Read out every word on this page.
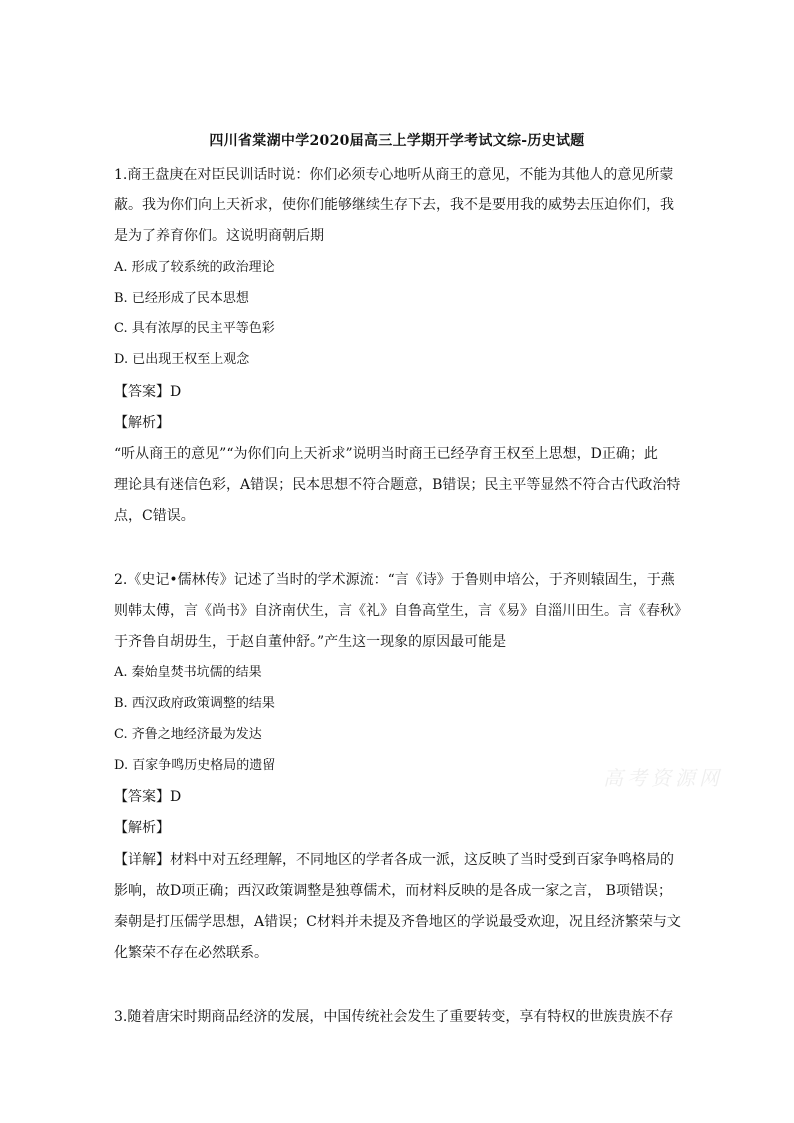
四川省棠湖中学2020届高三上学期开学考试文综-历史试题
1.商王盘庚在对臣民训话时说：你们必须专心地听从商王的意见，不能为其他人的意见所蒙
蔽。我为你们向上天祈求，使你们能够继续生存下去，我不是要用我的威势去压迫你们，我
是为了养育你们。这说明商朝后期
A. 形成了较系统的政治理论
B. 已经形成了民本思想
C. 具有浓厚的民主平等色彩
D. 已出现王权至上观念
【答案】D
【解析】
“听从商王的意见”“为你们向上天祈求”说明当时商王已经孕育王权至上思想，D正确；此
理论具有迷信色彩，A错误；民本思想不符合题意，B错误；民主平等显然不符合古代政治特
点，C错误。
2.《史记•儒林传》记述了当时的学术源流：“言《诗》于鲁则申培公，于齐则辕固生，于燕
则韩太傅，言《尚书》自济南伏生，言《礼》自鲁高堂生，言《易》自淄川田生。言《春秋》
于齐鲁自胡毋生，于赵自董仲舒。”产生这一现象的原因最可能是
A. 秦始皇焚书坑儒的结果
B. 西汉政府政策调整的结果
C. 齐鲁之地经济最为发达
D. 百家争鸣历史格局的遗留
【答案】D
【解析】
【详解】材料中对五经理解，不同地区的学者各成一派，这反映了当时受到百家争鸣格局的
影响，故D项正确；西汉政策调整是独尊儒术，而材料反映的是各成一家之言， B项错误；
秦朝是打压儒学思想，A错误；C材料并未提及齐鲁地区的学说最受欢迎，况且经济繁荣与文
化繁荣不存在必然联系。
3.随着唐宋时期商品经济的发展，中国传统社会发生了重要转变，享有特权的世族贵族不存
高考资源网
